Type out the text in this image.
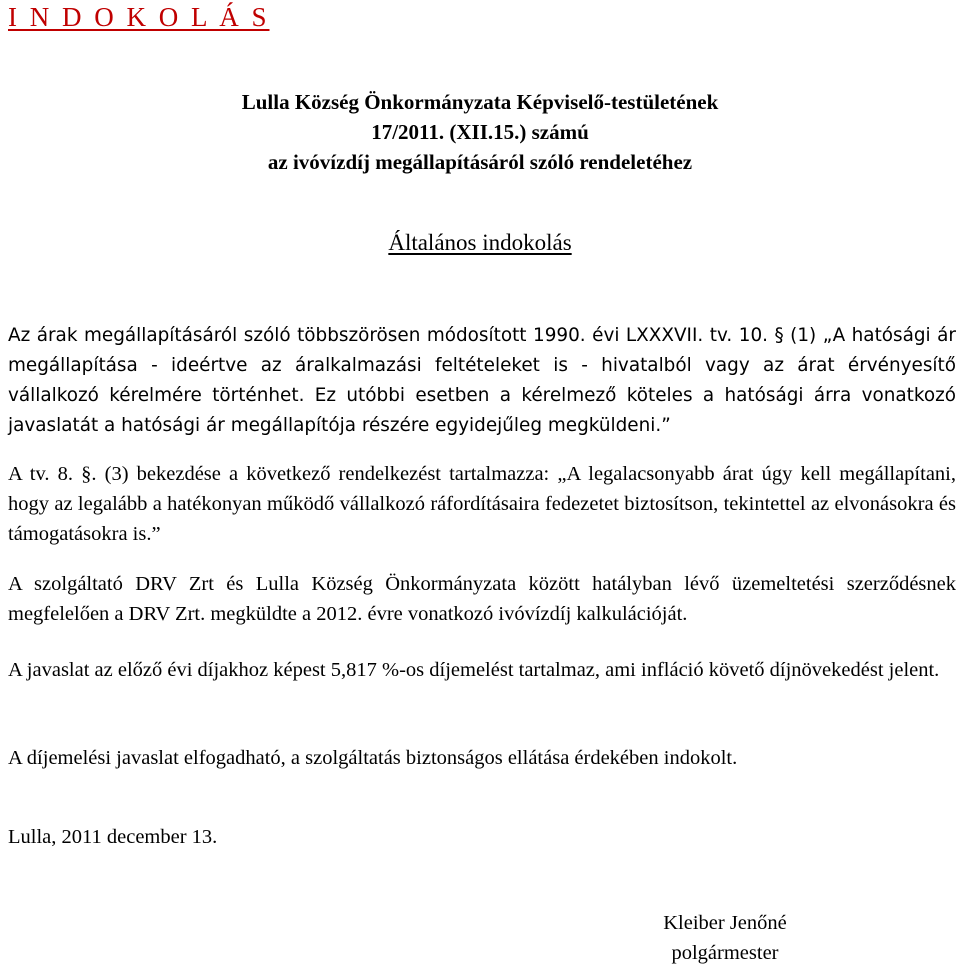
I N D O K O L Á S
Lulla Község Önkormányzata Képviselő-testületének
17/2011. (XII.15.) számú
az ivóvízdíj megállapításáról szóló rendeletéhez
Általános indokolás

Az árak megállapításáról szóló többszörösen módosított 1990. évi LXXXVII. tv. 10. § (1) „A hatósági ár megállapítása - ideértve az áralkalmazási feltételeket is - hivatalból vagy az árat érvényesítő vállalkozó kérelmére történhet. Ez utóbbi esetben a kérelmező köteles a hatósági árra vonatkozó javaslatát a hatósági ár megállapítója részére egyidejűleg megküldeni.”

A tv. 8. §. (3) bekezdése a következő rendelkezést tartalmazza: „A legalacsonyabb árat úgy kell megállapítani, hogy az legalább a hatékonyan működő vállalkozó ráfordításaira fedezetet biztosítson, tekintettel az elvonásokra és támogatásokra is.”

A szolgáltató DRV Zrt és Lulla Község Önkormányzata között hatályban lévő üzemeltetési szerződésnek megfelelően a DRV Zrt. megküldte a 2012. évre vonatkozó ivóvízdíj kalkulációját.

A javaslat az előző évi díjakhoz képest 5,817 %-os díjemelést tartalmaz, ami infláció követő díjnövekedést jelent.

A díjemelési javaslat elfogadható, a szolgáltatás biztonságos ellátása érdekében indokolt.

Lulla, 2011 december 13.
Kleiber Jenőné
polgármester
